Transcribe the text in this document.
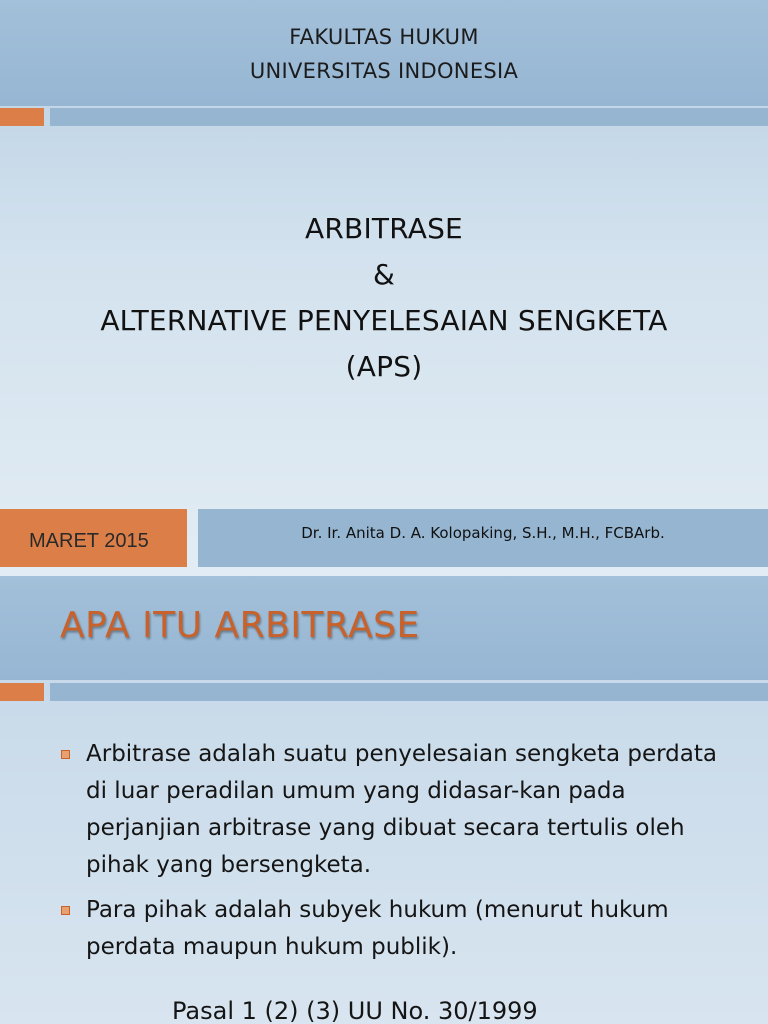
FAKULTAS HUKUM
UNIVERSITAS INDONESIA
ARBITRASE
&
ALTERNATIVE PENYELESAIAN SENGKETA
(APS)
MARET 2015	Dr. Ir. Anita D. A. Kolopaking, S.H., M.H., FCBArb.
APA ITU ARBITRASE
Arbitrase adalah suatu penyelesaian sengketa perdata di luar peradilan umum yang didasar-kan pada perjanjian arbitrase yang dibuat secara tertulis oleh pihak yang bersengketa.
Para pihak adalah subyek hukum (menurut hukum perdata maupun hukum publik).
Pasal 1 (2) (3) UU No. 30/1999
